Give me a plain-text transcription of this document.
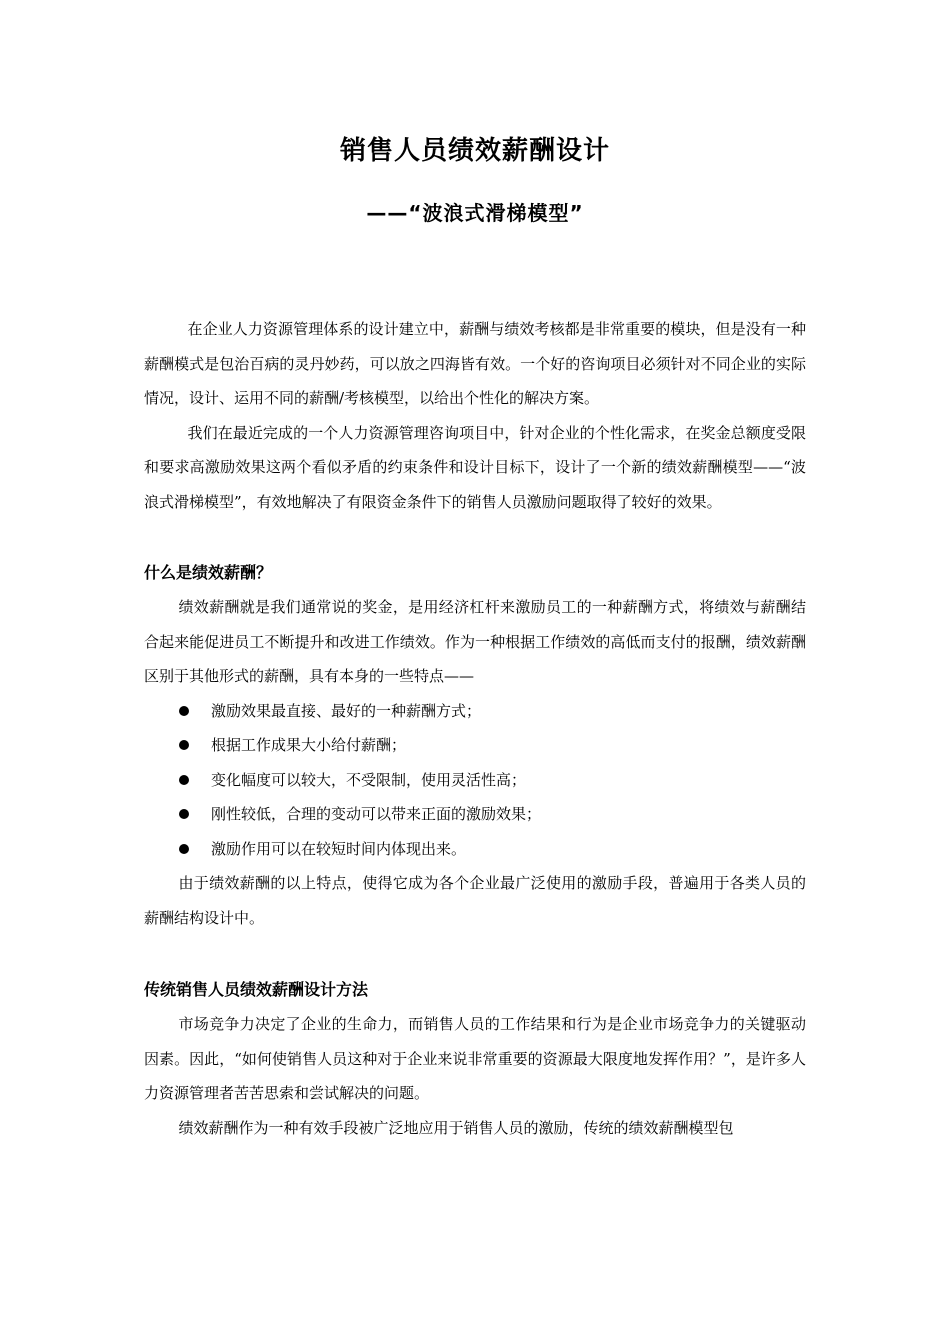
销售人员绩效薪酬设计
——“波浪式滑梯模型”

在企业人力资源管理体系的设计建立中，薪酬与绩效考核都是非常重要的模块，但是没有一种薪酬模式是包治百病的灵丹妙药，可以放之四海皆有效。一个好的咨询项目必须针对不同企业的实际情况，设计、运用不同的薪酬/考核模型，以给出个性化的解决方案。

我们在最近完成的一个人力资源管理咨询项目中，针对企业的个性化需求，在奖金总额度受限和要求高激励效果这两个看似矛盾的约束条件和设计目标下，设计了一个新的绩效薪酬模型——“波浪式滑梯模型”，有效地解决了有限资金条件下的销售人员激励问题取得了较好的效果。

什么是绩效薪酬？

绩效薪酬就是我们通常说的奖金，是用经济杠杆来激励员工的一种薪酬方式，将绩效与薪酬结合起来能促进员工不断提升和改进工作绩效。作为一种根据工作绩效的高低而支付的报酬，绩效薪酬区别于其他形式的薪酬，具有本身的一些特点——

激励效果最直接、最好的一种薪酬方式；
根据工作成果大小给付薪酬；
变化幅度可以较大，不受限制，使用灵活性高；
刚性较低，合理的变动可以带来正面的激励效果；
激励作用可以在较短时间内体现出来。

由于绩效薪酬的以上特点，使得它成为各个企业最广泛使用的激励手段，普遍用于各类人员的薪酬结构设计中。

传统销售人员绩效薪酬设计方法

市场竞争力决定了企业的生命力，而销售人员的工作结果和行为是企业市场竞争力的关键驱动因素。因此，“如何使销售人员这种对于企业来说非常重要的资源最大限度地发挥作用？”，是许多人力资源管理者苦苦思索和尝试解决的问题。

绩效薪酬作为一种有效手段被广泛地应用于销售人员的激励，传统的绩效薪酬模型包
